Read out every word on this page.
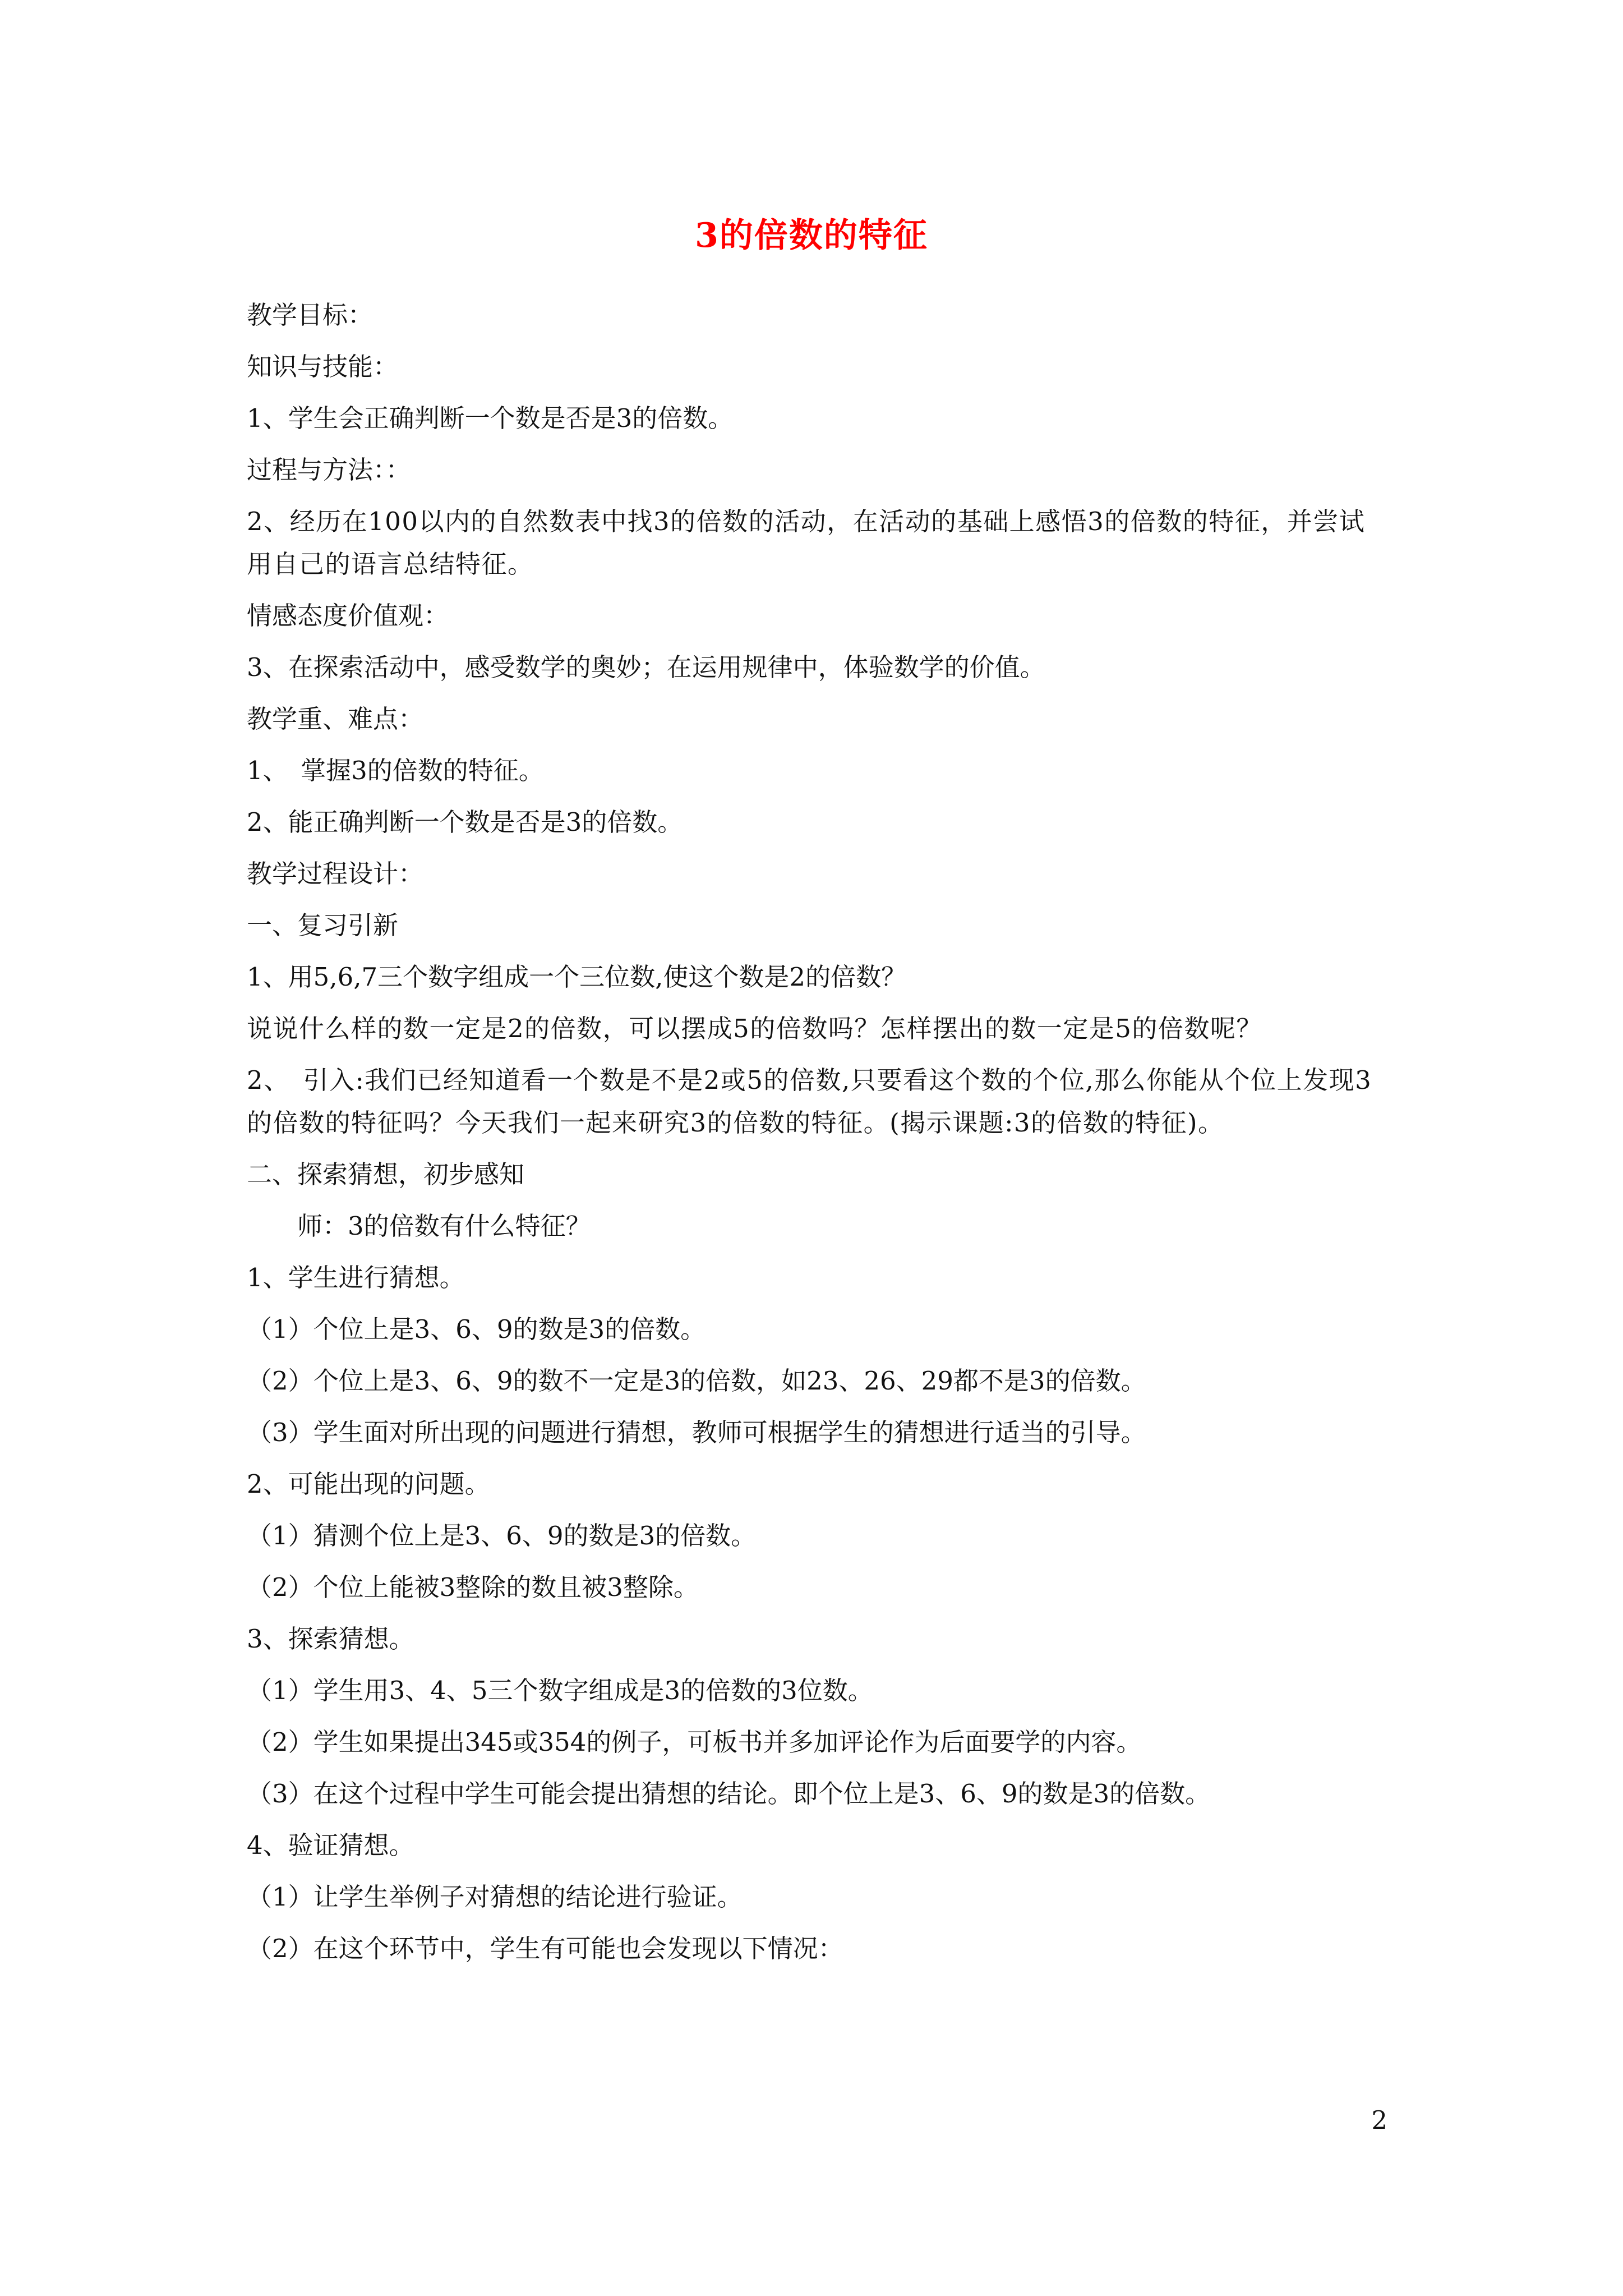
3的倍数的特征
教学目标：
知识与技能：
1、学生会正确判断一个数是否是3的倍数。
过程与方法：：
2、经历在100以内的自然数表中找3的倍数的活动，在活动的基础上感悟3的倍数的特征，并尝试用自己的语言总结特征。
情感态度价值观：
3、在探索活动中，感受数学的奥妙；在运用规律中，体验数学的价值。
教学重、难点：
1、　掌握3的倍数的特征。
2、能正确判断一个数是否是3的倍数。
教学过程设计：
一、复习引新
1、用5,6,7三个数字组成一个三位数,使这个数是2的倍数？
说说什么样的数一定是2的倍数，可以摆成5的倍数吗？怎样摆出的数一定是5的倍数呢？
2、　引入:我们已经知道看一个数是不是2或5的倍数,只要看这个数的个位,那么你能从个位上发现3的倍数的特征吗？今天我们一起来研究3的倍数的特征。(揭示课题:3的倍数的特征)。
二、探索猜想，初步感知
师：3的倍数有什么特征？
1、学生进行猜想。
（1）个位上是3、6、9的数是3的倍数。
（2）个位上是3、6、9的数不一定是3的倍数，如23、26、29都不是3的倍数。
（3）学生面对所出现的问题进行猜想，教师可根据学生的猜想进行适当的引导。
2、可能出现的问题。
（1）猜测个位上是3、6、9的数是3的倍数。
（2）个位上能被3整除的数且被3整除。
3、探索猜想。
（1）学生用3、4、5三个数字组成是3的倍数的3位数。
（2）学生如果提出345或354的例子，可板书并多加评论作为后面要学的内容。
（3）在这个过程中学生可能会提出猜想的结论。即个位上是3、6、9的数是3的倍数。
4、验证猜想。
（1）让学生举例子对猜想的结论进行验证。
（2）在这个环节中，学生有可能也会发现以下情况：
2
